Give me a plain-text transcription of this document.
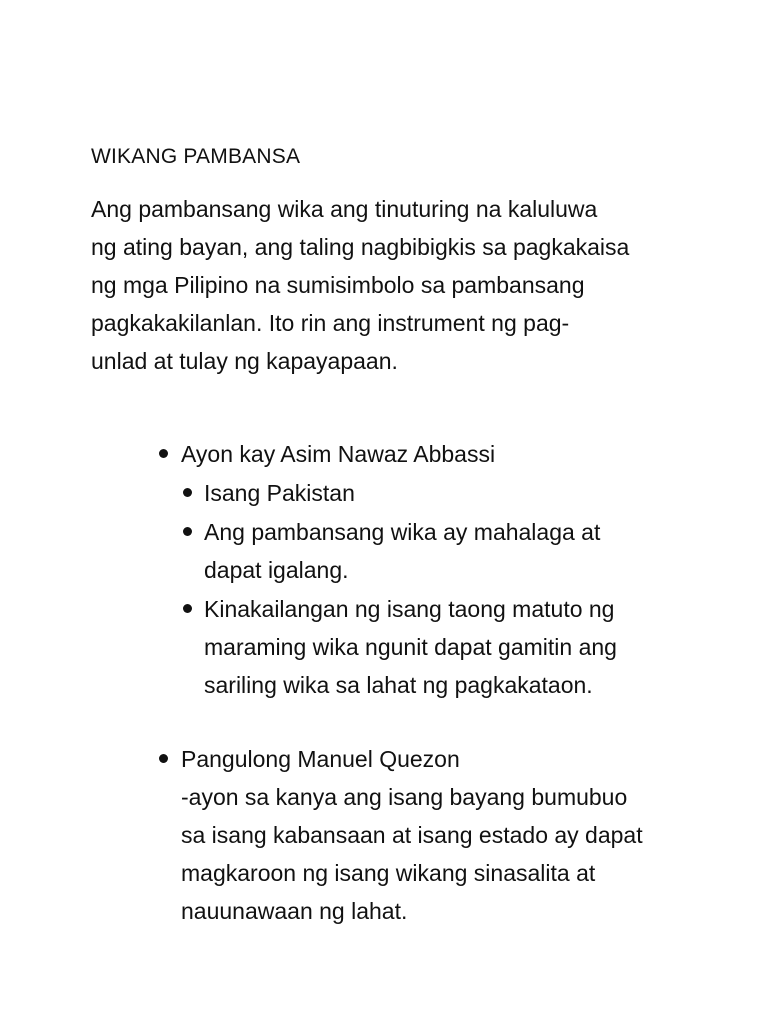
WIKANG PAMBANSA

Ang pambansang wika ang tinuturing na kaluluwa
ng ating bayan, ang taling nagbibigkis sa pagkakaisa
ng mga Pilipino na sumisimbolo sa pambansang
pagkakakilanlan. Ito rin ang instrument ng pag-
unlad at tulay ng kapayapaan.

Ayon kay Asim Nawaz Abbassi
Isang Pakistan
Ang pambansang wika ay mahalaga at
dapat igalang.
Kinakailangan ng isang taong matuto ng
maraming wika ngunit dapat gamitin ang
sariling wika sa lahat ng pagkakataon.
Pangulong Manuel Quezon
-ayon sa kanya ang isang bayang bumubuo
sa isang kabansaan at isang estado ay dapat
magkaroon ng isang wikang sinasalita at
nauunawaan ng lahat.
